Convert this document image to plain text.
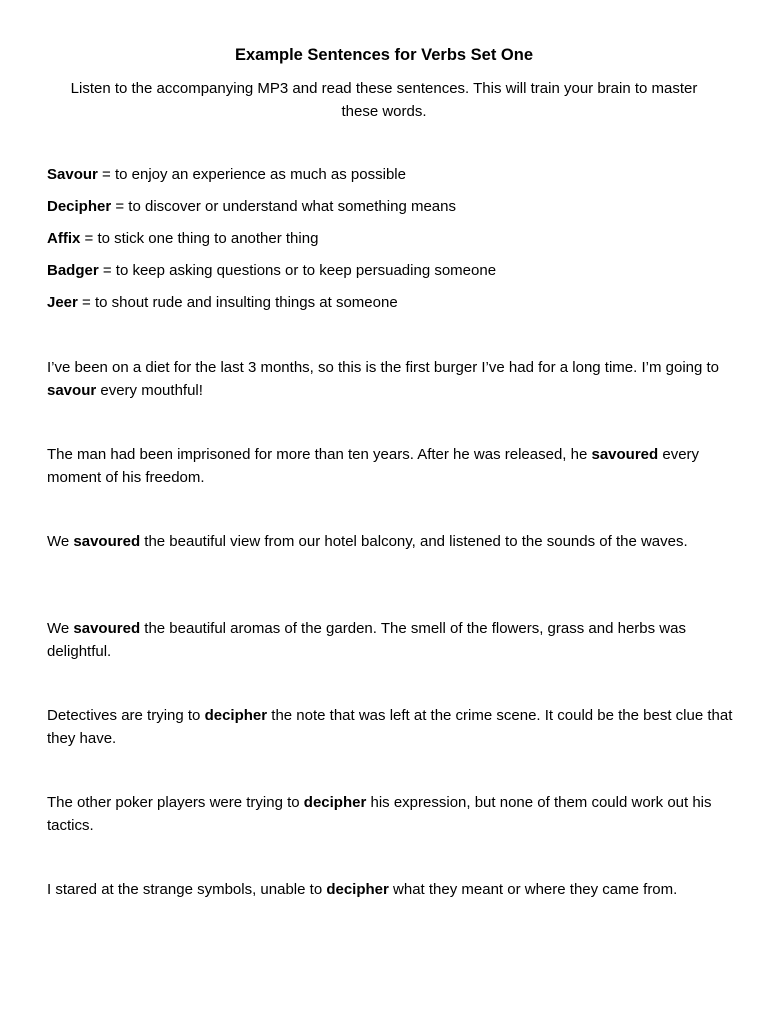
Example Sentences for Verbs Set One

Listen to the accompanying MP3 and read these sentences. This will train your brain to master these words.

Savour = to enjoy an experience as much as possible
Decipher = to discover or understand what something means
Affix = to stick one thing to another thing
Badger = to keep asking questions or to keep persuading someone
Jeer = to shout rude and insulting things at someone

I’ve been on a diet for the last 3 months, so this is the first burger I’ve had for a long time. I’m going to savour every mouthful!

The man had been imprisoned for more than ten years. After he was released, he savoured every moment of his freedom.

We savoured the beautiful view from our hotel balcony, and listened to the sounds of the waves.

We savoured the beautiful aromas of the garden. The smell of the flowers, grass and herbs was delightful.

Detectives are trying to decipher the note that was left at the crime scene. It could be the best clue that they have.

The other poker players were trying to decipher his expression, but none of them could work out his tactics.

I stared at the strange symbols, unable to decipher what they meant or where they came from.
